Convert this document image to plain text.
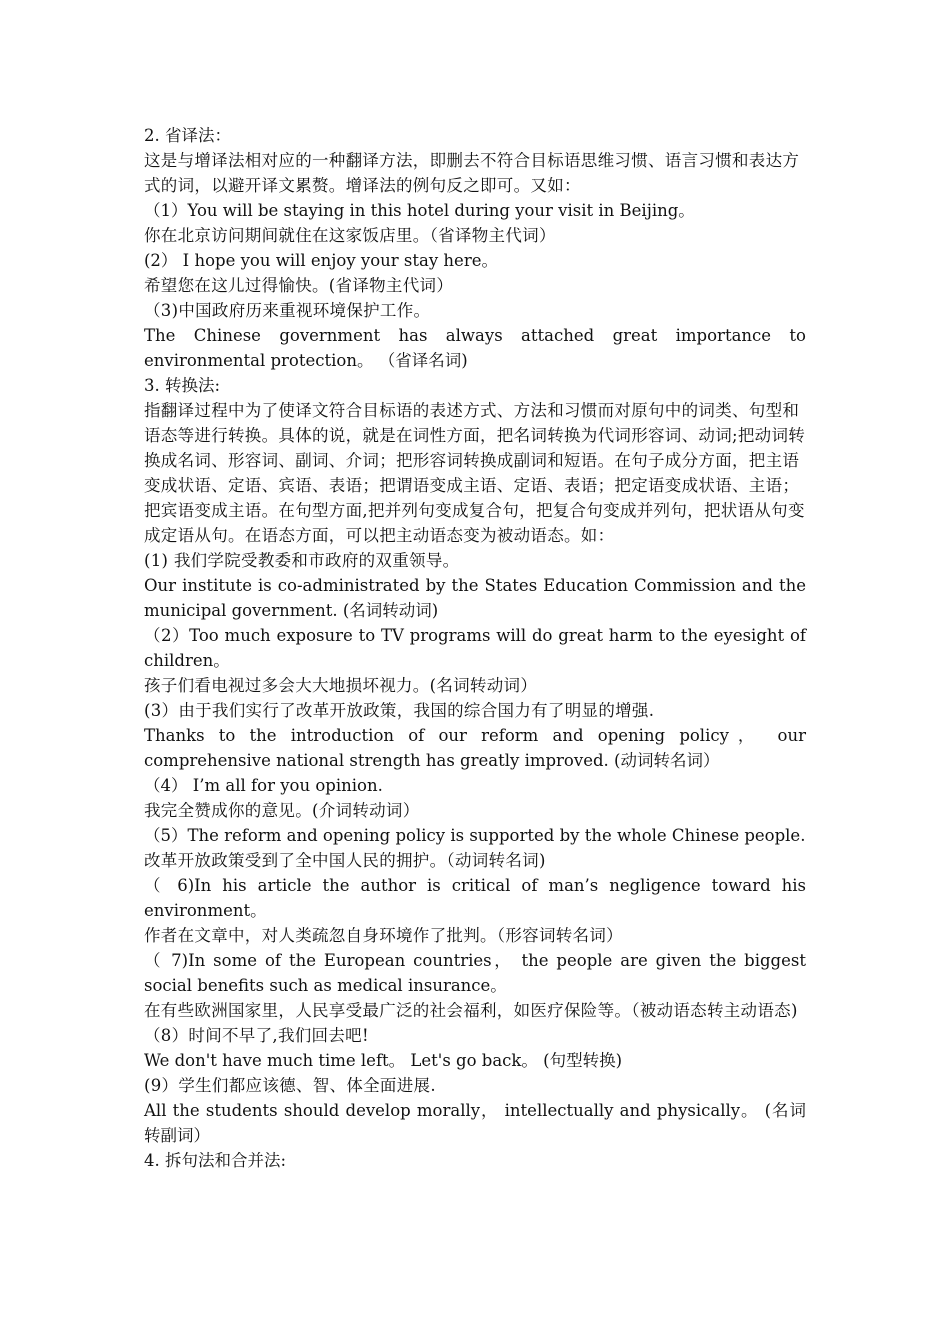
2. 省译法：

这是与增译法相对应的一种翻译方法，即删去不符合目标语思维习惯、语言习惯和表达方式的词，以避开译文累赘。增译法的例句反之即可。又如：

（1）You will be staying in this hotel during your visit in Beijing。

你在北京访问期间就住在这家饭店里。（省译物主代词）

(2） I hope you will enjoy your stay here。

希望您在这儿过得愉快。(省译物主代词）

（3)中国政府历来重视环境保护工作。

The Chinese government has always attached great importance to environmental protection。 （省译名词)

3. 转换法:

指翻译过程中为了使译文符合目标语的表述方式、方法和习惯而对原句中的词类、句型和语态等进行转换。具体的说，就是在词性方面，把名词转换为代词形容词、动词;把动词转换成名词、形容词、副词、介词；把形容词转换成副词和短语。在句子成分方面，把主语变成状语、定语、宾语、表语；把谓语变成主语、定语、表语；把定语变成状语、主语；把宾语变成主语。在句型方面,把并列句变成复合句，把复合句变成并列句，把状语从句变成定语从句。在语态方面，可以把主动语态变为被动语态。如：

(1) 我们学院受教委和市政府的双重领导。

Our institute is co-administrated by the States Education Commission and the municipal government. (名词转动词)

（2）Too much exposure to TV programs will do great harm to the eyesight of children。

孩子们看电视过多会大大地损坏视力。(名词转动词）

(3）由于我们实行了改革开放政策，我国的综合国力有了明显的增强.

Thanks to the introduction of our reform and opening policy， our comprehensive national strength has greatly improved. (动词转名词）

（4） I’m all for you opinion.

我完全赞成你的意见。(介词转动词）

（5）The reform and opening policy is supported by the whole Chinese people.

改革开放政策受到了全中国人民的拥护。（动词转名词)

（ 6)In his article the author is critical of man’s negligence toward his environment。

作者在文章中，对人类疏忽自身环境作了批判。（形容词转名词）

（ 7)In some of the European countries， the people are given the biggest social benefits such as medical insurance。

在有些欧洲国家里，人民享受最广泛的社会福利，如医疗保险等。（被动语态转主动语态)

（8）时间不早了,我们回去吧!

We don't have much time left。 Let's go back。 (句型转换)

(9）学生们都应该德、智、体全面进展.

All the students should develop morally， intellectually and physically。 (名词转副词）

4. 拆句法和合并法:
